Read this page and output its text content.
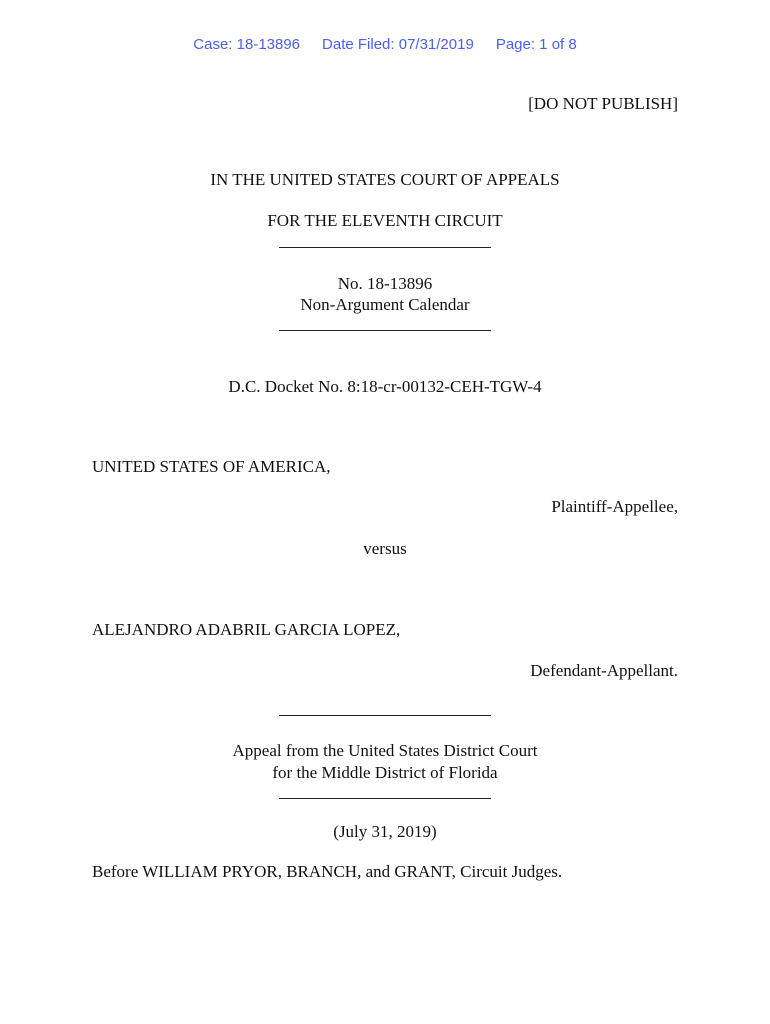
Case: 18-13896 Date Filed: 07/31/2019 Page: 1 of 8
[DO NOT PUBLISH]
IN THE UNITED STATES COURT OF APPEALS
FOR THE ELEVENTH CIRCUIT
No. 18-13896
Non-Argument Calendar
D.C. Docket No. 8:18-cr-00132-CEH-TGW-4
UNITED STATES OF AMERICA,
Plaintiff-Appellee,
versus
ALEJANDRO ADABRIL GARCIA LOPEZ,
Defendant-Appellant.
Appeal from the United States District Court
for the Middle District of Florida
(July 31, 2019)
Before WILLIAM PRYOR, BRANCH, and GRANT, Circuit Judges.
